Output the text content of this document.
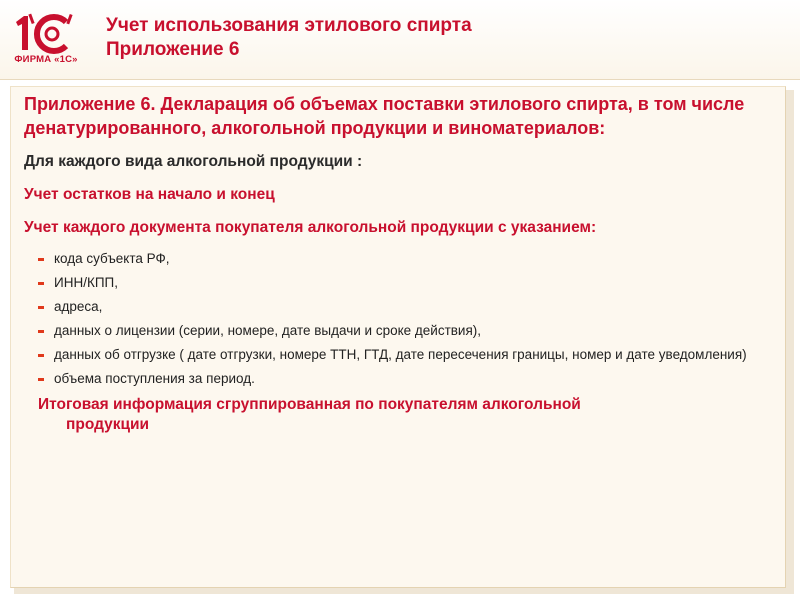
ФИРМА «1С»
Учет использования этилового спирта
Приложение 6
Приложение 6. Декларация об объемах поставки этилового спирта, в том числе денатурированного, алкогольной продукции и виноматериалов:
Для каждого вида алкогольной продукции :
Учет остатков на начало и конец
Учет каждого документа покупателя алкогольной продукции с указанием:
кода субъекта РФ,
ИНН/КПП,
адреса,
данных о лицензии (серии, номере, дате выдачи и сроке действия),
данных об отгрузке ( дате отгрузки, номере ТТН, ГТД, дате пересечения границы, номер и дате уведомления)
объема поступления за период.
Итоговая информация сгруппированная по покупателям алкогольной
продукции
